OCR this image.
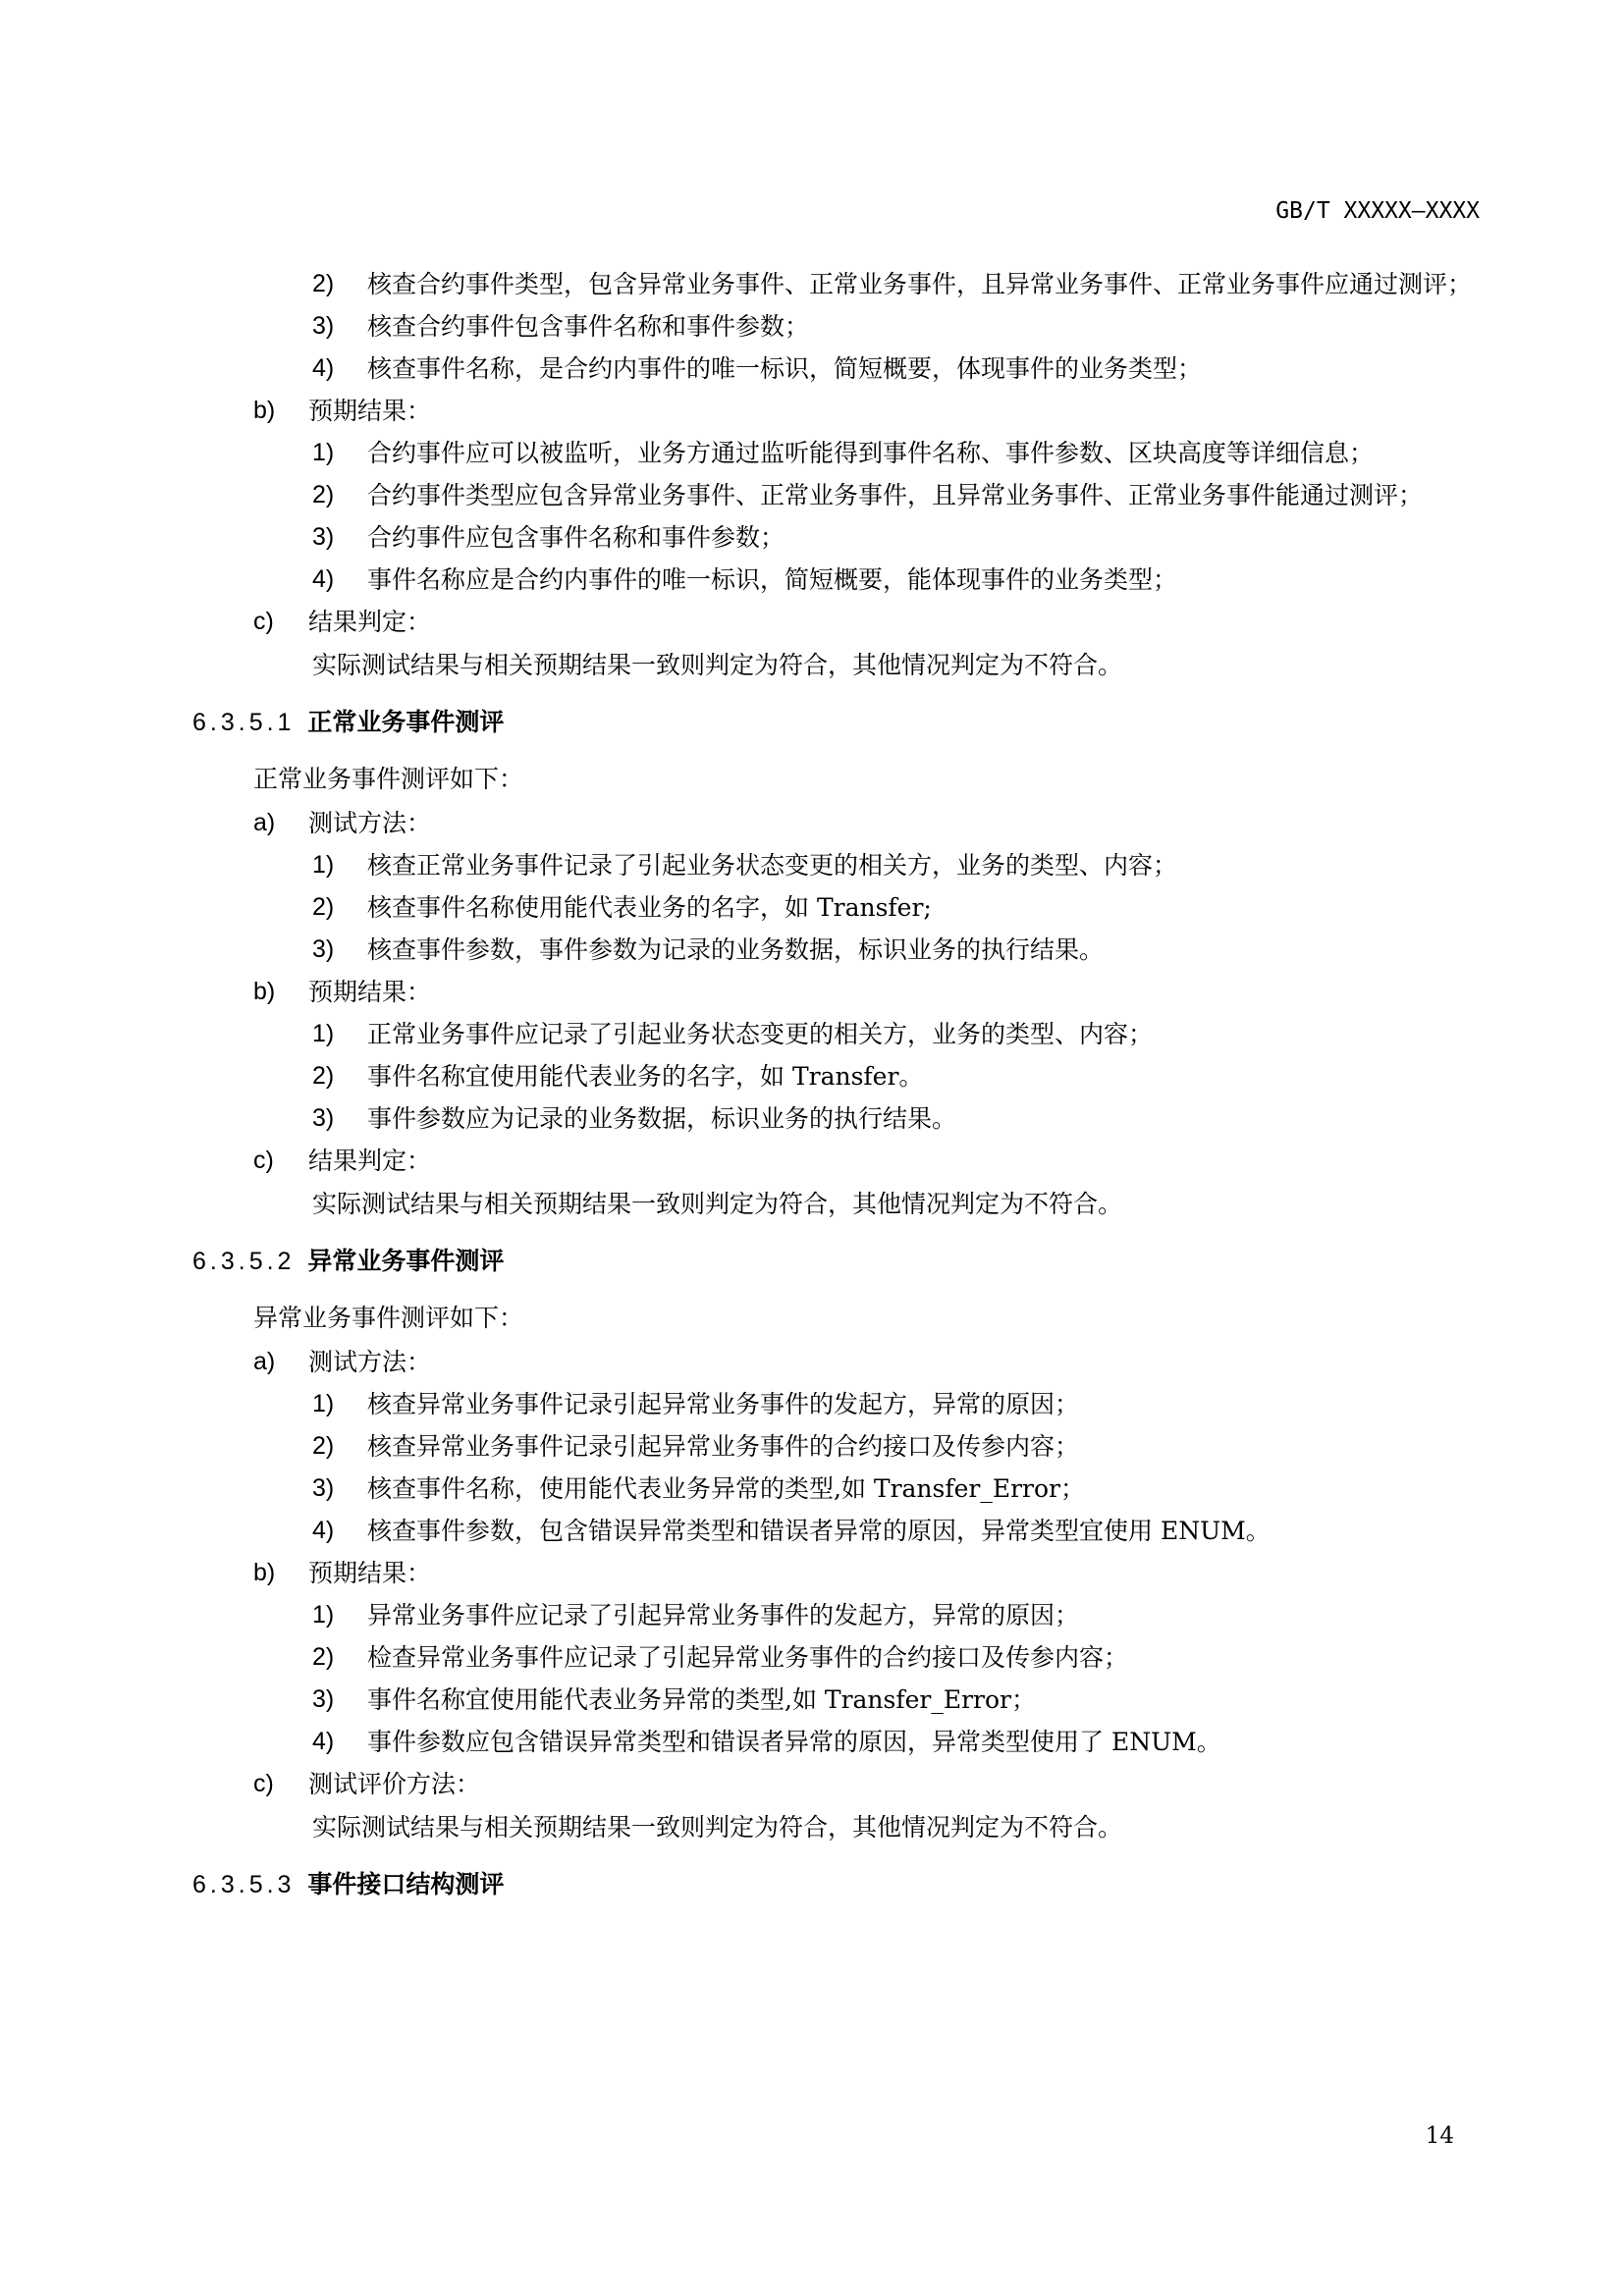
GB/T XXXXX—XXXX
2)	核查合约事件类型，包含异常业务事件、正常业务事件，且异常业务事件、正常业务事件应通过测评；
3)	核查合约事件包含事件名称和事件参数；
4)	核查事件名称，是合约内事件的唯一标识，简短概要，体现事件的业务类型；
b)	预期结果：
1)	合约事件应可以被监听，业务方通过监听能得到事件名称、事件参数、区块高度等详细信息；
2)	合约事件类型应包含异常业务事件、正常业务事件，且异常业务事件、正常业务事件能通过测评；
3)	合约事件应包含事件名称和事件参数；
4)	事件名称应是合约内事件的唯一标识，简短概要，能体现事件的业务类型；
c)	结果判定：
实际测试结果与相关预期结果一致则判定为符合，其他情况判定为不符合。
6.3.5.1 正常业务事件测评
正常业务事件测评如下：
a)	测试方法：
1)	核查正常业务事件记录了引起业务状态变更的相关方，业务的类型、内容；
2)	核查事件名称使用能代表业务的名字，如 Transfer;
3)	核查事件参数，事件参数为记录的业务数据，标识业务的执行结果。
b)	预期结果：
1)	正常业务事件应记录了引起业务状态变更的相关方，业务的类型、内容；
2)	事件名称宜使用能代表业务的名字，如 Transfer。
3)	事件参数应为记录的业务数据，标识业务的执行结果。
c)	结果判定：
实际测试结果与相关预期结果一致则判定为符合，其他情况判定为不符合。
6.3.5.2 异常业务事件测评
异常业务事件测评如下：
a)	测试方法：
1)	核查异常业务事件记录引起异常业务事件的发起方，异常的原因；
2)	核查异常业务事件记录引起异常业务事件的合约接口及传参内容；
3)	核查事件名称，使用能代表业务异常的类型,如 Transfer_Error；
4)	核查事件参数，包含错误异常类型和错误者异常的原因，异常类型宜使用 ENUM。
b)	预期结果：
1)	异常业务事件应记录了引起异常业务事件的发起方，异常的原因；
2)	检查异常业务事件应记录了引起异常业务事件的合约接口及传参内容；
3)	事件名称宜使用能代表业务异常的类型,如 Transfer_Error；
4)	事件参数应包含错误异常类型和错误者异常的原因，异常类型使用了 ENUM。
c)	测试评价方法：
实际测试结果与相关预期结果一致则判定为符合，其他情况判定为不符合。
6.3.5.3 事件接口结构测评
14
